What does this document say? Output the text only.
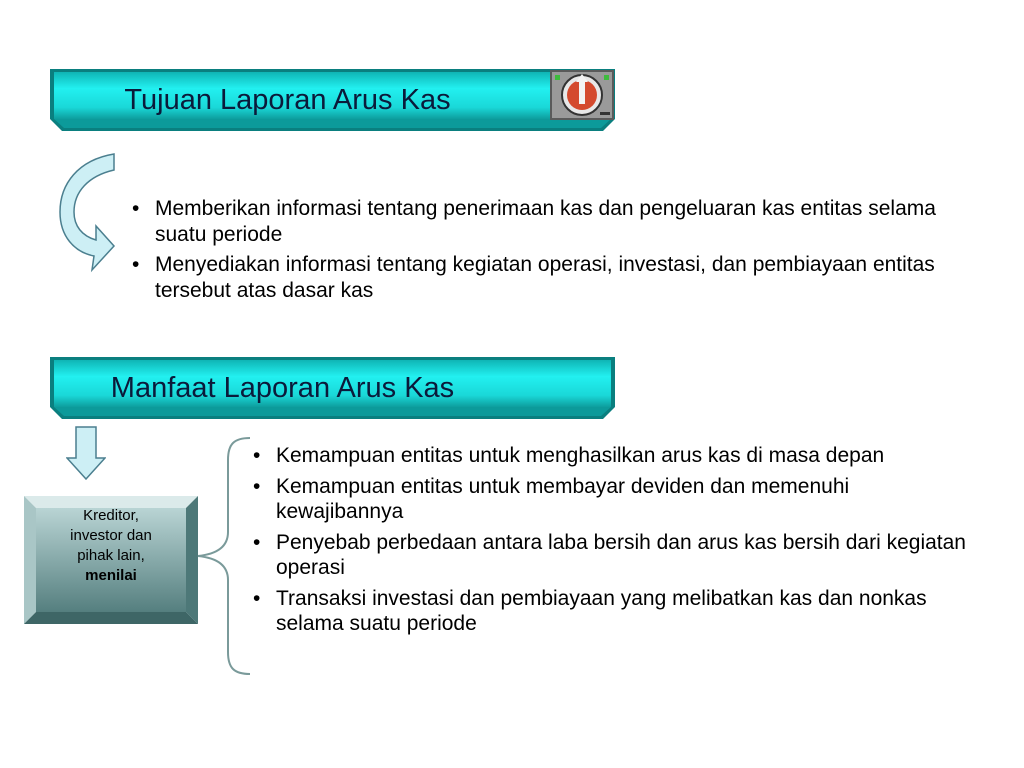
Tujuan Laporan Arus Kas
• Memberikan informasi tentang penerimaan kas dan pengeluaran kas entitas selama suatu periode
• Menyediakan informasi tentang kegiatan operasi, investasi, dan pembiayaan entitas tersebut atas dasar kas
Manfaat Laporan Arus Kas
Kreditor,
investor dan
pihak lain,
menilai
• Kemampuan entitas untuk menghasilkan arus kas di masa depan
• Kemampuan entitas untuk membayar deviden dan memenuhi kewajibannya
• Penyebab perbedaan antara laba bersih dan arus kas bersih dari kegiatan operasi
• Transaksi investasi dan pembiayaan yang melibatkan kas dan nonkas selama suatu periode
